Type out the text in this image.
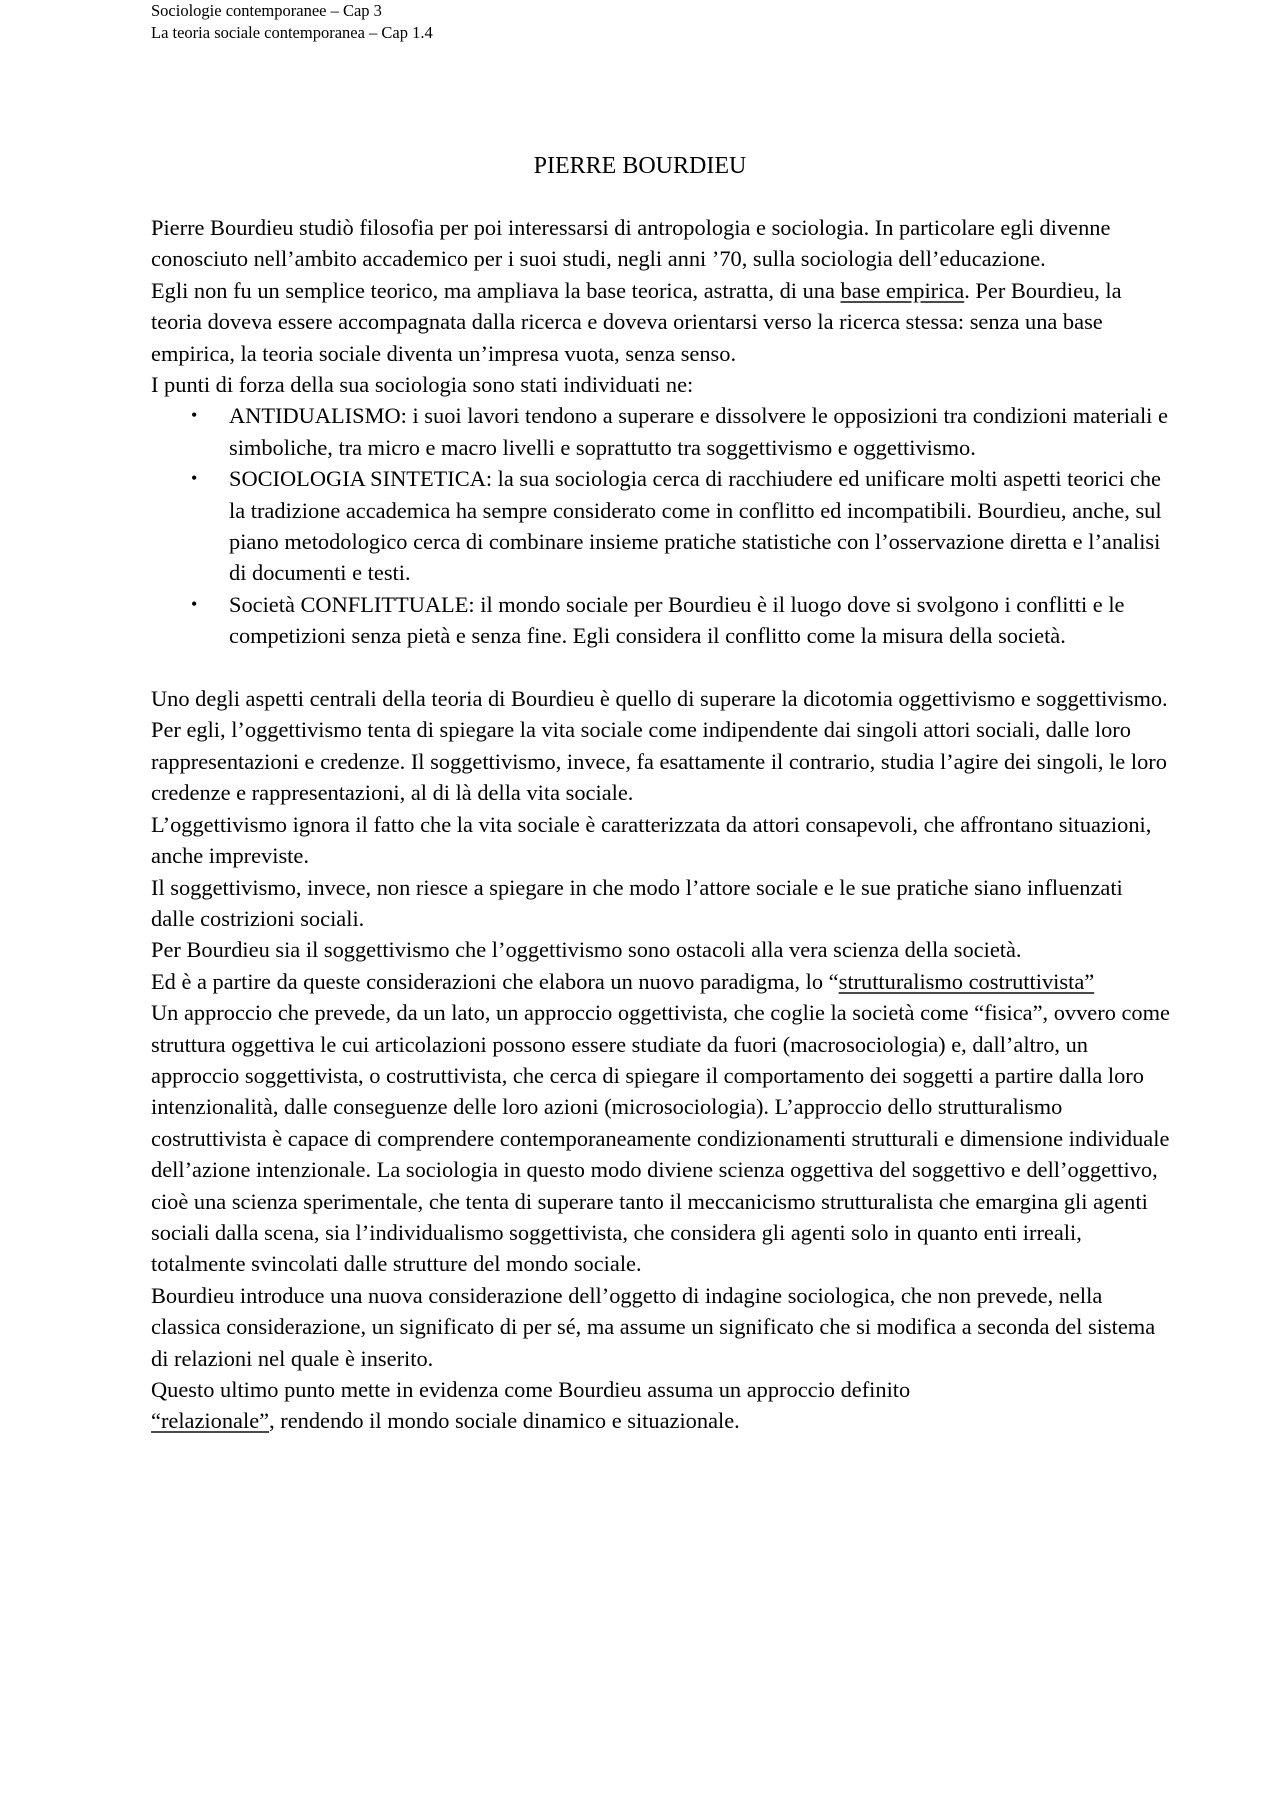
Sociologie contemporanee – Cap 3
La teoria sociale contemporanea – Cap 1.4
PIERRE BOURDIEU

Pierre Bourdieu studiò filosofia per poi interessarsi di antropologia e sociologia. In particolare egli divenne conosciuto nell’ambito accademico per i suoi studi, negli anni ’70, sulla sociologia dell’educazione.

Egli non fu un semplice teorico, ma ampliava la base teorica, astratta, di una base empirica. Per Bourdieu, la teoria doveva essere accompagnata dalla ricerca e doveva orientarsi verso la ricerca stessa: senza una base empirica, la teoria sociale diventa un’impresa vuota, senza senso.

I punti di forza della sua sociologia sono stati individuati ne:

• ANTIDUALISMO: i suoi lavori tendono a superare e dissolvere le opposizioni tra condizioni materiali e simboliche, tra micro e macro livelli e soprattutto tra soggettivismo e oggettivismo.
• SOCIOLOGIA SINTETICA: la sua sociologia cerca di racchiudere ed unificare molti aspetti teorici che la tradizione accademica ha sempre considerato come in conflitto ed incompatibili. Bourdieu, anche, sul piano metodologico cerca di combinare insieme pratiche statistiche con l’osservazione diretta e l’analisi di documenti e testi.
• Società CONFLITTUALE: il mondo sociale per Bourdieu è il luogo dove si svolgono i conflitti e le competizioni senza pietà e senza fine. Egli considera il conflitto come la misura della società.

Uno degli aspetti centrali della teoria di Bourdieu è quello di superare la dicotomia oggettivismo e soggettivismo. Per egli, l’oggettivismo tenta di spiegare la vita sociale come indipendente dai singoli attori sociali, dalle loro rappresentazioni e credenze. Il soggettivismo, invece, fa esattamente il contrario, studia l’agire dei singoli, le loro credenze e rappresentazioni, al di là della vita sociale.

L’oggettivismo ignora il fatto che la vita sociale è caratterizzata da attori consapevoli, che affrontano situazioni, anche impreviste.

Il soggettivismo, invece, non riesce a spiegare in che modo l’attore sociale e le sue pratiche siano influenzati dalle costrizioni sociali.

Per Bourdieu sia il soggettivismo che l’oggettivismo sono ostacoli alla vera scienza della società.

Ed è a partire da queste considerazioni che elabora un nuovo paradigma, lo “strutturalismo costruttivista”

Un approccio che prevede, da un lato, un approccio oggettivista, che coglie la società come “fisica”, ovvero come struttura oggettiva le cui articolazioni possono essere studiate da fuori (macrosociologia) e, dall’altro, un approccio soggettivista, o costruttivista, che cerca di spiegare il comportamento dei soggetti a partire dalla loro intenzionalità, dalle conseguenze delle loro azioni (microsociologia). L’approccio dello strutturalismo costruttivista è capace di comprendere contemporaneamente condizionamenti strutturali e dimensione individuale dell’azione intenzionale. La sociologia in questo modo diviene scienza oggettiva del soggettivo e dell’oggettivo, cioè una scienza sperimentale, che tenta di superare tanto il meccanicismo strutturalista che emargina gli agenti sociali dalla scena, sia l’individualismo soggettivista, che considera gli agenti solo in quanto enti irreali, totalmente svincolati dalle strutture del mondo sociale.

Bourdieu introduce una nuova considerazione dell’oggetto di indagine sociologica, che non prevede, nella classica considerazione, un significato di per sé, ma assume un significato che si modifica a seconda del sistema di relazioni nel quale è inserito.

Questo ultimo punto mette in evidenza come Bourdieu assuma un approccio definito
“relazionale”, rendendo il mondo sociale dinamico e situazionale.
